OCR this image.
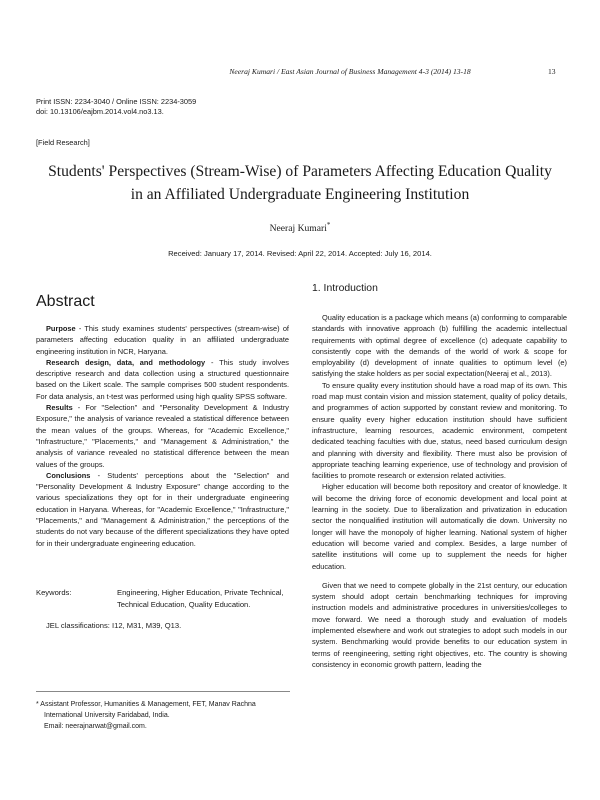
Neeraj Kumari / East Asian Journal of Business Management 4-3 (2014) 13-18	13
Print ISSN: 2234-3040 / Online ISSN: 2234-3059
doi: 10.13106/eajbm.2014.vol4.no3.13.
[Field Research]
Students' Perspectives (Stream-Wise) of Parameters Affecting Education Quality
in an Affiliated Undergraduate Engineering Institution
Neeraj Kumari*
Received: January 17, 2014. Revised: April 22, 2014. Accepted: July 16, 2014.
Abstract
1. Introduction

Purpose - This study examines students' perspectives (stream-wise) of parameters affecting education quality in an affiliated undergraduate engineering institution in NCR, Haryana.

Research design, data, and methodology - This study involves descriptive research and data collection using a structured questionnaire based on the Likert scale. The sample comprises 500 student respondents. For data analysis, an t-test was performed using high quality SPSS software.

Results - For "Selection" and "Personality Development & Industry Exposure," the analysis of variance revealed a statistical difference between the mean values of the groups. Whereas, for "Academic Excellence," "Infrastructure," "Placements," and "Management & Administration," the analysis of variance revealed no statistical difference between the mean values of the groups.

Conclusions - Students' perceptions about the "Selection" and "Personality Development & Industry Exposure" change according to the various specializations they opt for in their undergraduate engineering education in Haryana. Whereas, for "Academic Excellence," "Infrastructure," "Placements," and "Management & Administration," the perceptions of the students do not vary because of the different specializations they have opted for in their undergraduate engineering education.

Keywords:	Engineering, Higher Education, Private Technical,
Technical Education, Quality Education.
JEL classifications: I12, M31, M39, Q13.

Quality education is a package which means (a) conforming to comparable standards with innovative approach (b) fulfilling the academic intellectual requirements with optimal degree of excellence (c) adequate capability to consistently cope with the demands of the world of work & scope for employability (d) development of innate qualities to optimum level (e) satisfying the stake holders as per social expectation(Neeraj et al., 2013).

To ensure quality every institution should have a road map of its own. This road map must contain vision and mission statement, quality of policy details, and programmes of action supported by constant review and monitoring. To ensure quality every higher education institution should have sufficient infrastructure, learning resources, academic environment, competent dedicated teaching faculties with due, status, need based curriculum design and planning with diversity and flexibility. There must also be provision of appropriate teaching learning experience, use of technology and provision of facilities to promote research or extension related activities.

Higher education will become both repository and creator of knowledge. It will become the driving force of economic development and local point at learning in the society. Due to liberalization and privatization in education sector the nonqualified institution will automatically die down. University no longer will have the monopoly of higher learning. National system of higher education will become varied and complex. Besides, a large number of satellite institutions will come up to supplement the needs for higher education.

Given that we need to compete globally in the 21st century, our education system should adopt certain benchmarking techniques for improving instruction models and administrative procedures in universities/colleges to move forward. We need a thorough study and evaluation of models implemented elsewhere and work out strategies to adopt such models in our system. Benchmarking would provide benefits to our education system in terms of reengineering, setting right objectives, etc. The country is showing consistency in economic growth pattern, leading the

* Assistant Professor, Humanities & Management, FET, Manav Rachna
International University Faridabad, India.
Email: neerajnarwat@gmail.com.
